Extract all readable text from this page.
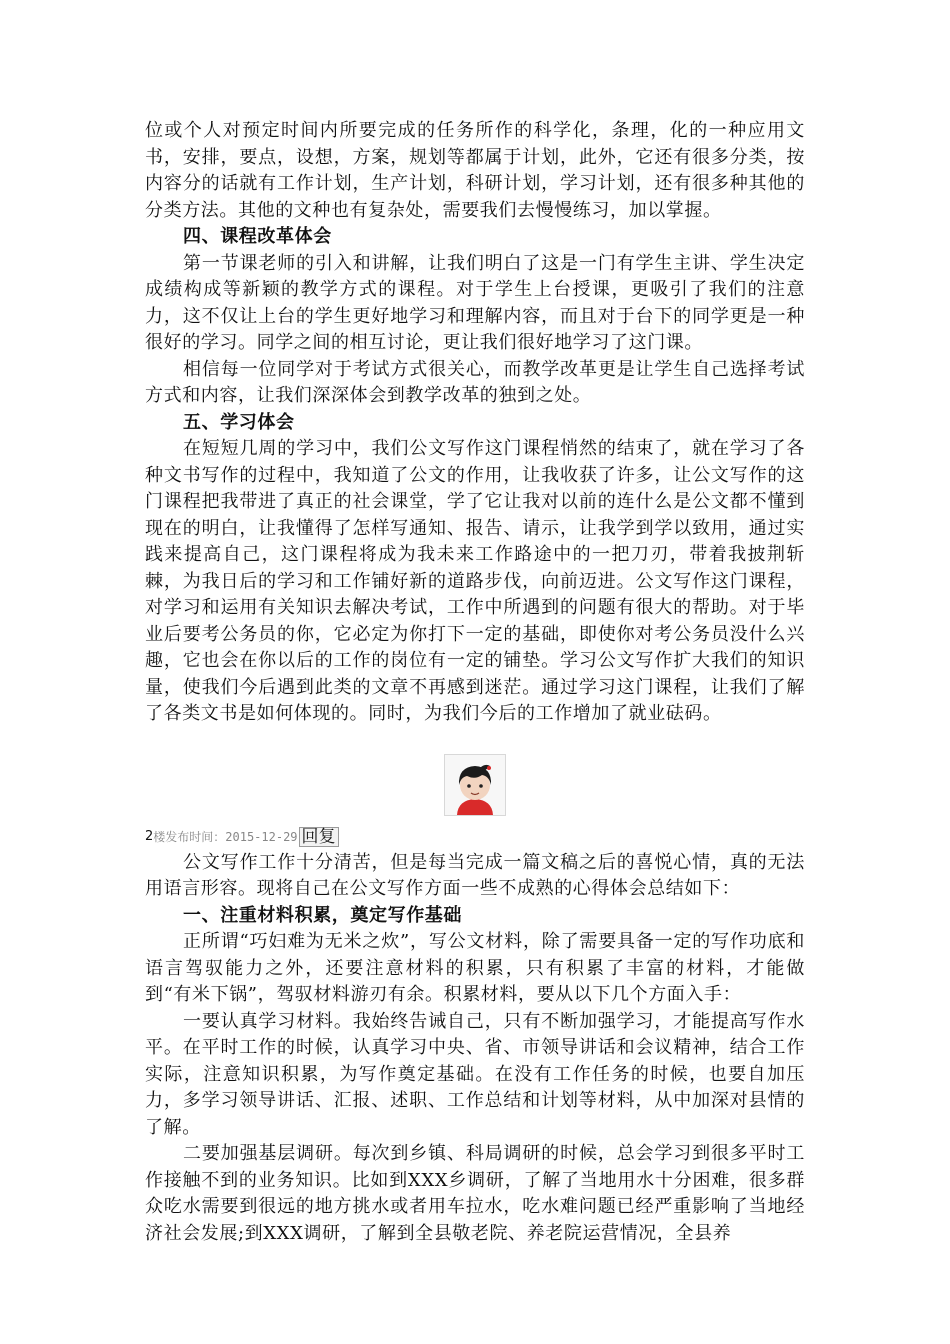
位或个人对预定时间内所要完成的任务所作的科学化，条理，化的一种应用文书，安排，要点，设想，方案，规划等都属于计划，此外，它还有很多分类，按内容分的话就有工作计划，生产计划，科研计划，学习计划，还有很多种其他的分类方法。其他的文种也有复杂处，需要我们去慢慢练习，加以掌握。

四、课程改革体会

第一节课老师的引入和讲解，让我们明白了这是一门有学生主讲、学生决定成绩构成等新颖的教学方式的课程。对于学生上台授课，更吸引了我们的注意力，这不仅让上台的学生更好地学习和理解内容，而且对于台下的同学更是一种很好的学习。同学之间的相互讨论，更让我们很好地学习了这门课。

相信每一位同学对于考试方式很关心，而教学改革更是让学生自己选择考试方式和内容，让我们深深体会到教学改革的独到之处。

五、学习体会

在短短几周的学习中，我们公文写作这门课程悄然的结束了，就在学习了各种文书写作的过程中，我知道了公文的作用，让我收获了许多，让公文写作的这门课程把我带进了真正的社会课堂，学了它让我对以前的连什么是公文都不懂到现在的明白，让我懂得了怎样写通知、报告、请示，让我学到学以致用，通过实践来提高自己，这门课程将成为我未来工作路途中的一把刀刃，带着我披荆斩棘，为我日后的学习和工作铺好新的道路步伐，向前迈进。公文写作这门课程，对学习和运用有关知识去解决考试，工作中所遇到的问题有很大的帮助。对于毕业后要考公务员的你，它必定为你打下一定的基础，即使你对考公务员没什么兴趣，它也会在你以后的工作的岗位有一定的铺垫。学习公文写作扩大我们的知识量，使我们今后遇到此类的文章不再感到迷茫。通过学习这门课程，让我们了解了各类文书是如何体现的。同时，为我们今后的工作增加了就业砝码。

2 楼发布时间：2015-12-29 回复

公文写作工作十分清苦，但是每当完成一篇文稿之后的喜悦心情，真的无法用语言形容。现将自己在公文写作方面一些不成熟的心得体会总结如下：

一、注重材料积累，奠定写作基础

正所谓“巧妇难为无米之炊”，写公文材料，除了需要具备一定的写作功底和语言驾驭能力之外，还要注意材料的积累，只有积累了丰富的材料，才能做到“有米下锅”，驾驭材料游刃有余。积累材料，要从以下几个方面入手：

一要认真学习材料。我始终告诫自己，只有不断加强学习，才能提高写作水平。在平时工作的时候，认真学习中央、省、市领导讲话和会议精神，结合工作实际，注意知识积累，为写作奠定基础。在没有工作任务的时候，也要自加压力，多学习领导讲话、汇报、述职、工作总结和计划等材料，从中加深对县情的了解。

二要加强基层调研。每次到乡镇、科局调研的时候，总会学习到很多平时工作接触不到的业务知识。比如到XXX乡调研，了解了当地用水十分困难，很多群众吃水需要到很远的地方挑水或者用车拉水，吃水难问题已经严重影响了当地经济社会发展;到XXX调研，了解到全县敬老院、养老院运营情况，全县养
